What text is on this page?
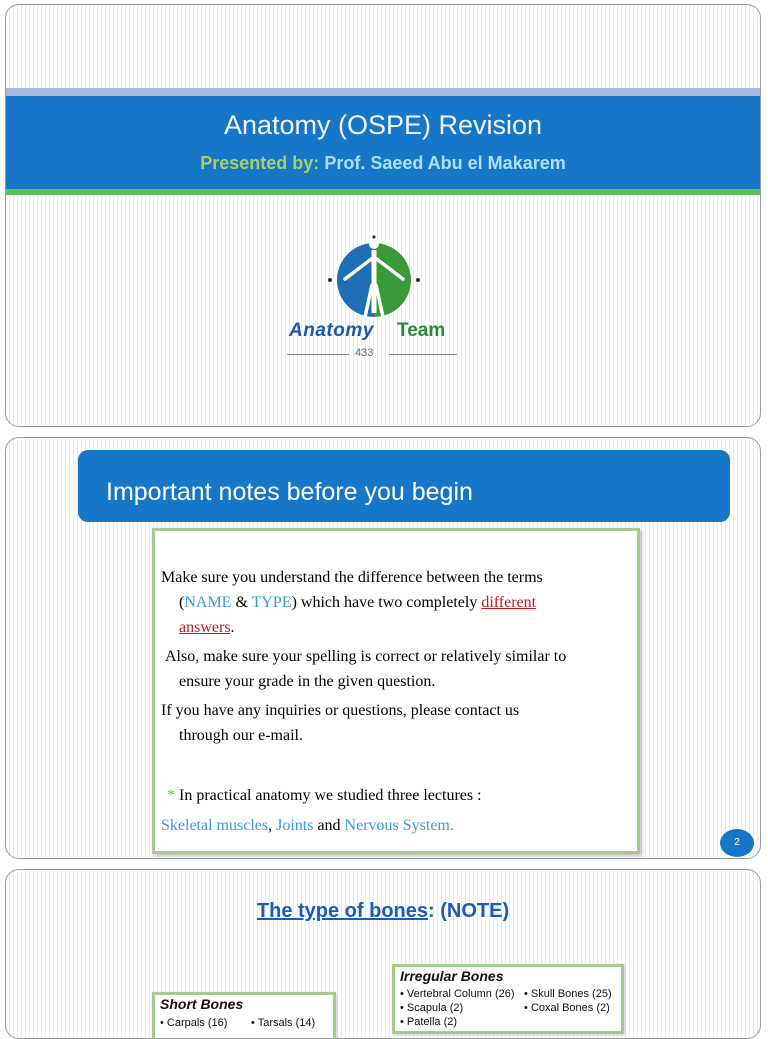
Anatomy (OSPE) Revision
Presented by: Prof. Saeed Abu el Makarem
Anatomy Team
433
Important notes before you begin
Make sure you understand the difference between the terms
(NAME & TYPE) which have two completely different
answers.
Also, make sure your spelling is correct or relatively similar to
ensure your grade in the given question.
If you have any inquiries or questions, please contact us
through our e-mail.
* In practical anatomy we studied three lectures :
Skeletal muscles, Joints and Nervous System.
2
The type of bones: (NOTE)
Irregular Bones
• Vertebral Column (26) • Skull Bones (25)
• Scapula (2)	• Coxal Bones (2)
• Patella (2)
Short Bones
• Carpals (16) • Tarsals (14)
